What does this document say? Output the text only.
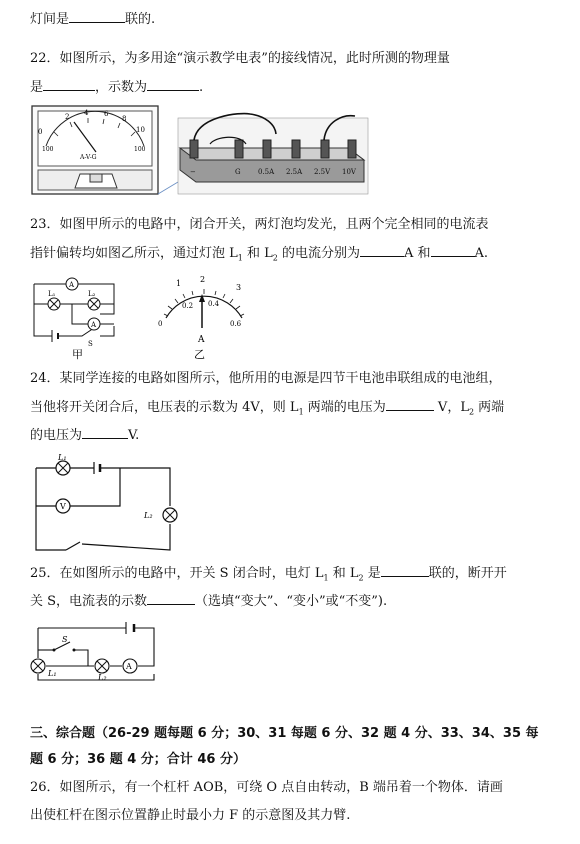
灯间是	联的.
22．如图所示，为多用途“演示教学电表”的接线情况，此时所测的物理量
是	，示数为	.
0
2 4 6
8
10
100	100
A-V-G
−	G 0.5A 2.5A 2.5V 10V
23．如图甲所示的电路中，闭合开关，两灯泡均发光，且两个完全相同的电流表
指针偏转均如图乙所示，通过灯泡 $L_1$ 和 $L_2$ 的电流分别为	A 和	A.
A
A
L₁	L₂
S
甲
1 2
3
0
0.2 0.4
0.6
A
乙
24．某同学连接的电路如图所示，他所用的电源是四节干电池串联组成的电池组，
当他将开关闭合后，电压表的示数为 4V，则 $L_1$ 两端的电压为	V，$L_2$ 两端
的电压为	V.
V
L₁
L₂
25．在如图所示的电路中，开关 S 闭合时，电灯 $L_1$ 和 $L_2$ 是	联的，断开开
关 S，电流表的示数	（选填“变大”、“变小”或“不变”).
A
S
L₁	L₂
三、综合题（26-29 题每题 6 分；30、31 每题 6 分、32 题 4 分、33、34、35 每
题 6 分；36 题 4 分；合计 46 分）
26．如图所示，有一个杠杆 AOB，可绕 O 点自由转动，B 端吊着一个物体．请画
出使杠杆在图示位置静止时最小力 F 的示意图及其力臂.
